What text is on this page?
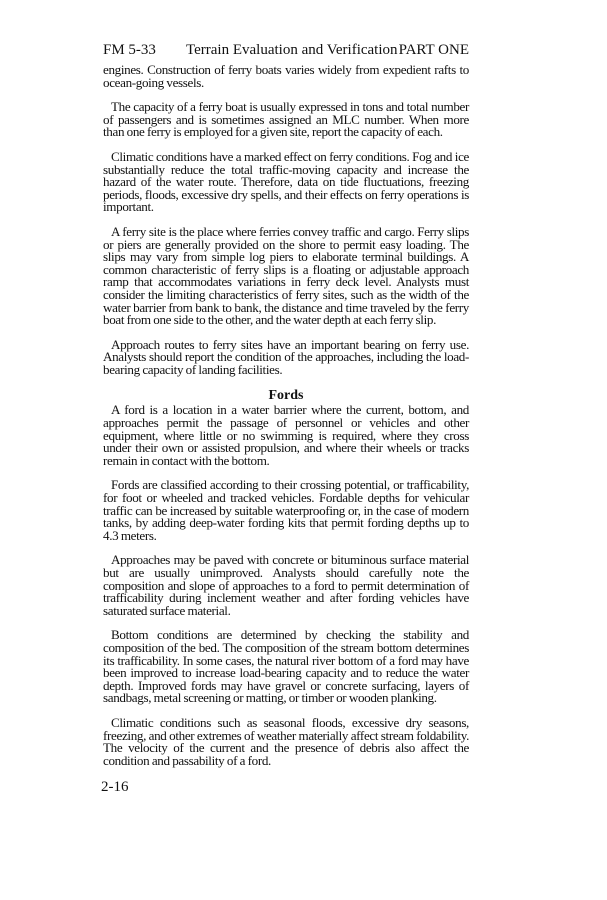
FM 5-33 Terrain Evaluation and Verification PART ONE

engines. Construction of ferry boats varies widely from expedient rafts to ocean-going vessels.

The capacity of a ferry boat is usually expressed in tons and total number of passengers and is sometimes assigned an MLC number. When more than one ferry is employed for a given site, report the capacity of each.

Climatic conditions have a marked effect on ferry conditions. Fog and ice substantially reduce the total traffic-moving capacity and increase the hazard of the water route. Therefore, data on tide fluctuations, freezing periods, floods, excessive dry spells, and their effects on ferry operations is important.

A ferry site is the place where ferries convey traffic and cargo. Ferry slips or piers are generally provided on the shore to permit easy loading. The slips may vary from simple log piers to elaborate terminal buildings. A common characteristic of ferry slips is a floating or adjustable approach ramp that accommodates variations in ferry deck level. Analysts must consider the limiting characteristics of ferry sites, such as the width of the water barrier from bank to bank, the distance and time traveled by the ferry boat from one side to the other, and the water depth at each ferry slip.

Approach routes to ferry sites have an important bearing on ferry use. Analysts should report the condition of the approaches, including the load-bearing capacity of landing facilities.

Fords

A ford is a location in a water barrier where the current, bottom, and approaches permit the passage of personnel or vehicles and other equipment, where little or no swimming is required, where they cross under their own or assisted propulsion, and where their wheels or tracks remain in contact with the bottom.

Fords are classified according to their crossing potential, or trafficability, for foot or wheeled and tracked vehicles. Fordable depths for vehicular traffic can be increased by suitable waterproofing or, in the case of modern tanks, by adding deep-water fording kits that permit fording depths up to 4.3 meters.

Approaches may be paved with concrete or bituminous surface material but are usually unimproved. Analysts should carefully note the composition and slope of approaches to a ford to permit determination of trafficability during inclement weather and after fording vehicles have saturated surface material.

Bottom conditions are determined by checking the stability and composition of the bed. The composition of the stream bottom determines its trafficability. In some cases, the natural river bottom of a ford may have been improved to increase load-bearing capacity and to reduce the water depth. Improved fords may have gravel or concrete surfacing, layers of sandbags, metal screening or matting, or timber or wooden planking.

Climatic conditions such as seasonal floods, excessive dry seasons, freezing, and other extremes of weather materially affect stream foldability. The velocity of the current and the presence of debris also affect the condition and passability of a ford.

2-16
